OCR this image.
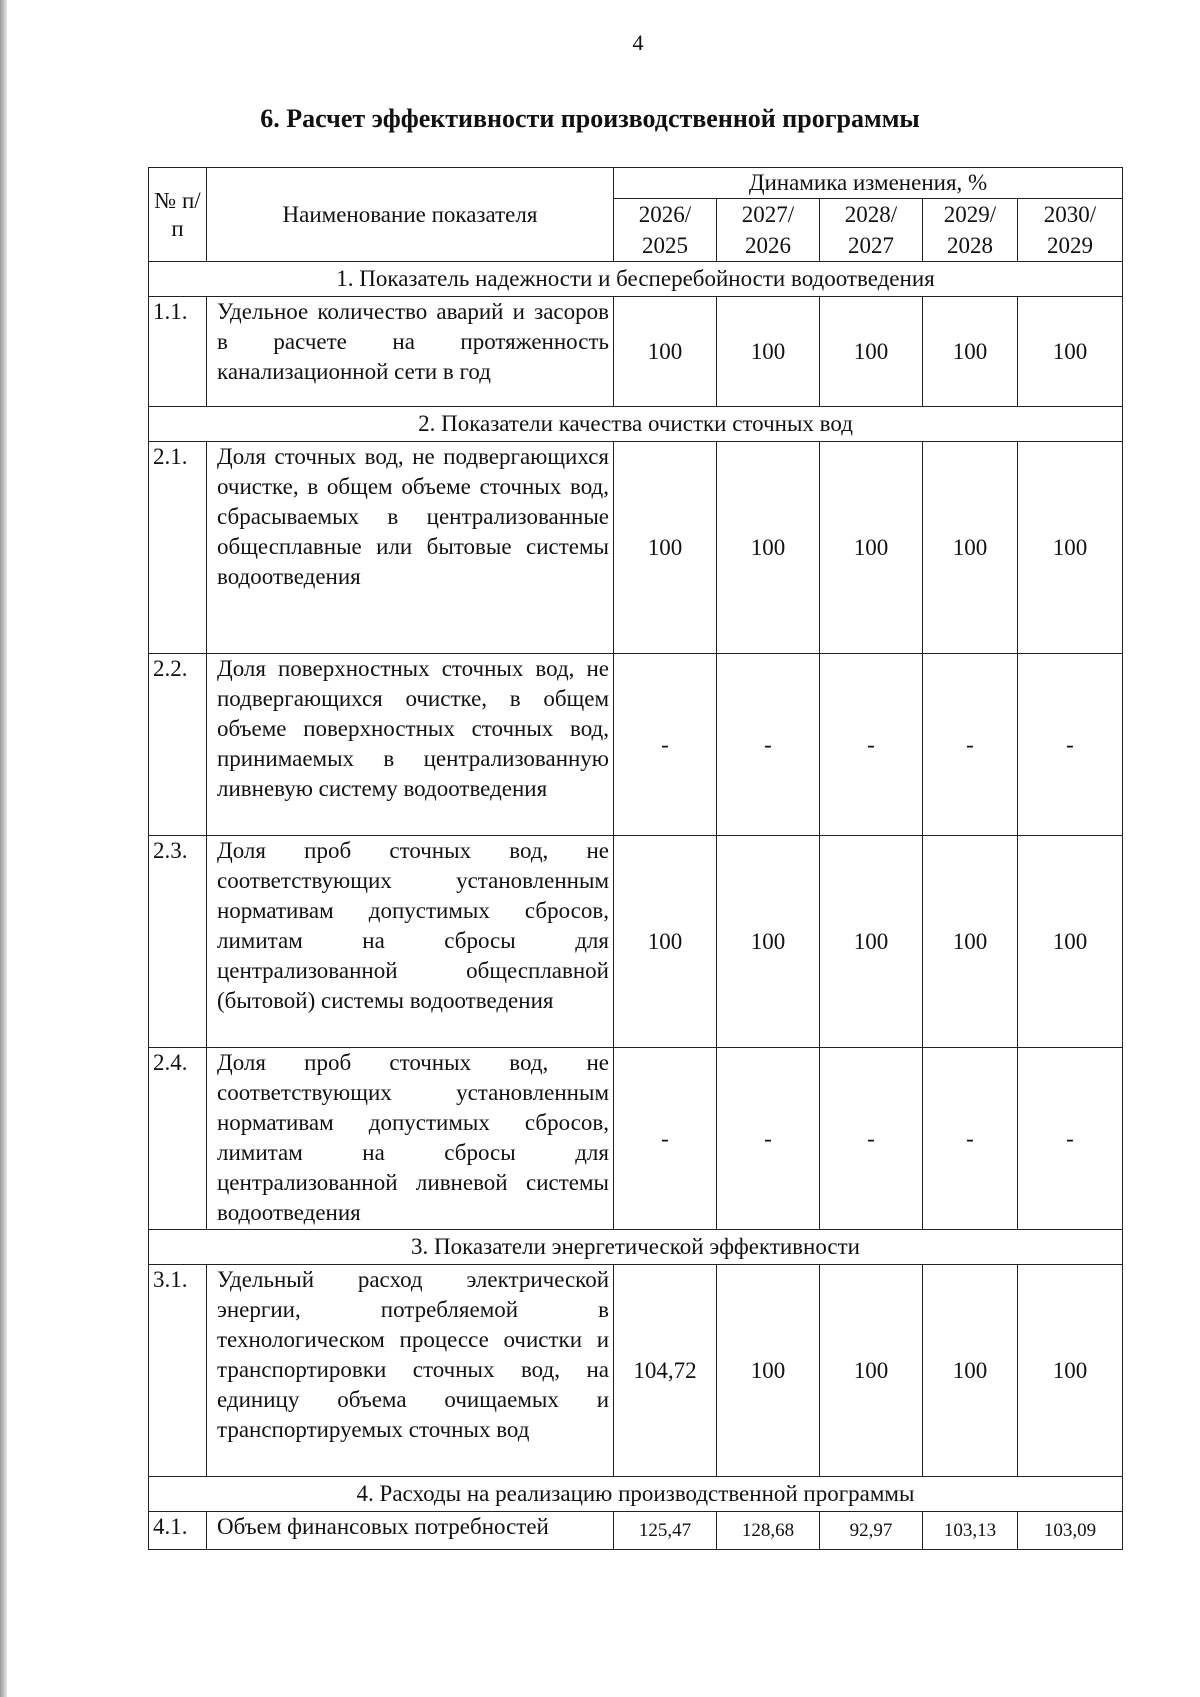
4
6. Расчет эффективности производственной программы
№ п/п	Наименование показателя	Динамика изменения, %				
		2026/ 2025	2027/ 2026	2028/ 2027	2029/ 2028	2030/ 2029
1. Показатель надежности и бесперебойности водоотведения						
1.1.	Удельное количество аварий и засоров в расчете на протяженность канализационной сети в год	100	100	100	100	100
2. Показатели качества очистки сточных вод						
2.1.	Доля сточных вод, не подвергающихся очистке, в общем объеме сточных вод, сбрасываемых в централизованные общесплавные или бытовые системы водоотведения	100	100	100	100	100
2.2.	Доля поверхностных сточных вод, не подвергающихся очистке, в общем объеме поверхностных сточных вод, принимаемых в централизованную ливневую систему водоотведения	-	-	-	-	-
2.3.	Доля проб сточных вод, не соответствующих установленным нормативам допустимых сбросов, лимитам на сбросы для централизованной общесплавной (бытовой) системы водоотведения	100	100	100	100	100
2.4.	Доля проб сточных вод, не соответствующих установленным нормативам допустимых сбросов, лимитам на сбросы для централизованной ливневой системы водоотведения	-	-	-	-	-
3. Показатели энергетической эффективности						
3.1.	Удельный расход электрической энергии, потребляемой в технологическом процессе очистки и транспортировки сточных вод, на единицу объема очищаемых и транспортируемых сточных вод	104,72	100	100	100	100
4. Расходы на реализацию производственной программы						
4.1.	Объем финансовых потребностей	125,47	128,68	92,97	103,13	103,09
